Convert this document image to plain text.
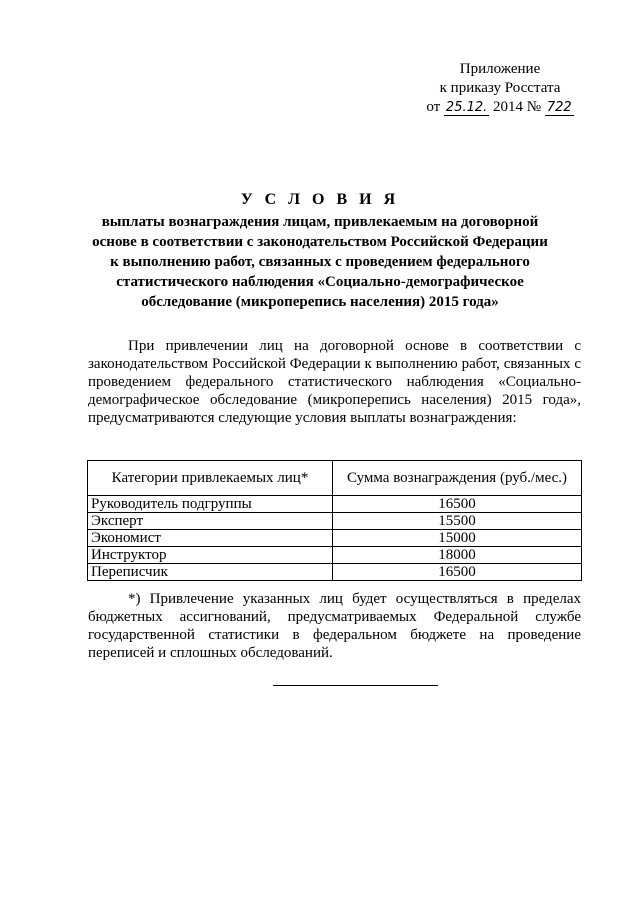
Приложение
к приказу Росстата
от 25.12. 2014 № 722
У С Л О В И Я
выплаты вознаграждения лицам, привлекаемым на договорной основе в соответствии с законодательством Российской Федерации к выполнению работ, связанных с проведением федерального статистического наблюдения «Социально-демографическое обследование (микроперепись населения) 2015 года»

При привлечении лиц на договорной основе в соответствии с законодательством Российской Федерации к выполнению работ, связанных с проведением федерального статистического наблюдения «Социально-демографическое обследование (микроперепись населения) 2015 года», предусматриваются следующие условия выплаты вознаграждения:

Категории привлекаемых лиц*	Сумма вознаграждения (руб./мес.)
Руководитель подгруппы	16500
Эксперт	15500
Экономист	15000
Инструктор	18000
Переписчик	16500

*) Привлечение указанных лиц будет осуществляться в пределах бюджетных ассигнований, предусматриваемых Федеральной службе государственной статистики в федеральном бюджете на проведение переписей и сплошных обследований.
